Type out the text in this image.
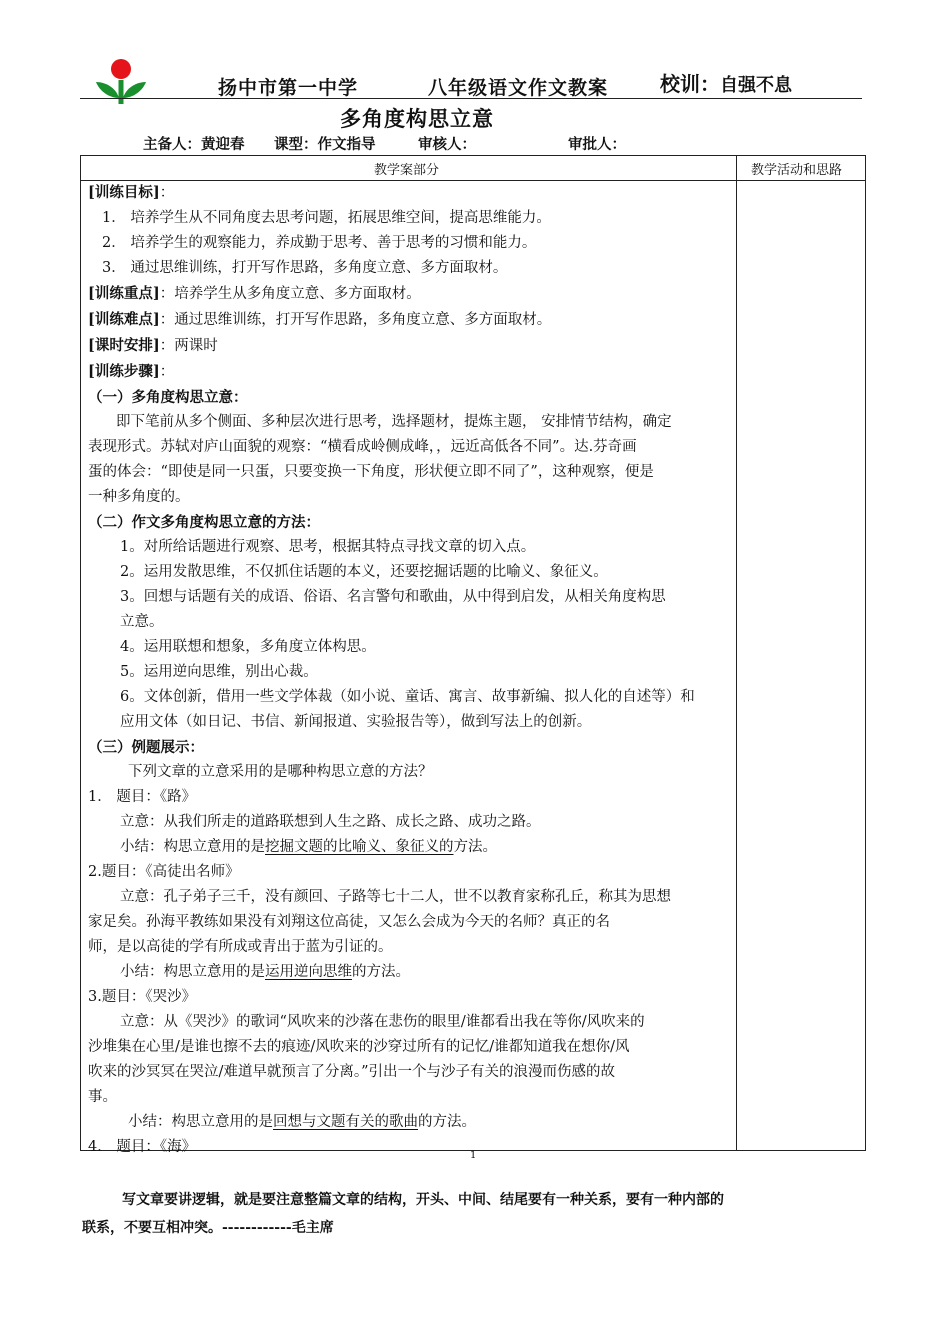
扬中市第一中学	八年级语文作文教案	校训： 自强不息
多角度构思立意
主备人：黄迎春 课型：作文指导	审核人：	审批人：
教学案部分	教学活动和思路

[训练目标]：

1． 培养学生从不同角度去思考问题，拓展思维空间，提高思维能力。

2． 培养学生的观察能力，养成勤于思考、善于思考的习惯和能力。

3． 通过思维训练，打开写作思路，多角度立意、多方面取材。

[训练重点]：培养学生从多角度立意、多方面取材。

[训练难点]：通过思维训练，打开写作思路，多角度立意、多方面取材。

[课时安排]：两课时

[训练步骤]：

（一）多角度构思立意：

即下笔前从多个侧面、多种层次进行思考，选择题材，提炼主题， 安排情节结构，确定

表现形式。苏轼对庐山面貌的观察：“横看成岭侧成峰，，远近高低各不同”。达.芬奇画

蛋的体会：“即使是同一只蛋，只要变换一下角度，形状便立即不同了”，这种观察，便是

一种多角度的。

（二）作文多角度构思立意的方法：

1。对所给话题进行观察、思考，根据其特点寻找文章的切入点。

2。运用发散思维，不仅抓住话题的本义，还要挖掘话题的比喻义、象征义。

3。回想与话题有关的成语、俗语、名言警句和歌曲，从中得到启发，从相关角度构思

立意。

4。运用联想和想象，多角度立体构思。

5。运用逆向思维，别出心裁。

6。文体创新，借用一些文学体裁（如小说、童话、寓言、故事新编、拟人化的自述等）和

应用文体（如日记、书信、新闻报道、实验报告等），做到写法上的创新。

（三）例题展示：

下列文章的立意采用的是哪种构思立意的方法？

1． 题目：《路》

立意：从我们所走的道路联想到人生之路、成长之路、成功之路。

小结：构思立意用的是挖掘文题的比喻义、象征义的方法。

2.题目：《高徒出名师》

立意：孔子弟子三千，没有颜回、子路等七十二人，世不以教育家称孔丘，称其为思想

家足矣。孙海平教练如果没有刘翔这位高徒，又怎么会成为今天的名师？真正的名

师，是以高徒的学有所成或青出于蓝为引证的。

小结：构思立意用的是运用逆向思维的方法。

3.题目：《哭沙》

立意：从《哭沙》的歌词“风吹来的沙落在悲伤的眼里/谁都看出我在等你/风吹来的

沙堆集在心里/是谁也擦不去的痕迹/风吹来的沙穿过所有的记忆/谁都知道我在想你/风

吹来的沙冥冥在哭泣/难道早就预言了分离。”引出一个与沙子有关的浪漫而伤感的故

事。

小结：构思立意用的是回想与文题有关的歌曲的方法。

4． 题目：《海》

1

写文章要讲逻辑，就是要注意整篇文章的结构，开头、中间、结尾要有一种关系，要有一种内部的

联系，不要互相冲突。------------毛主席
